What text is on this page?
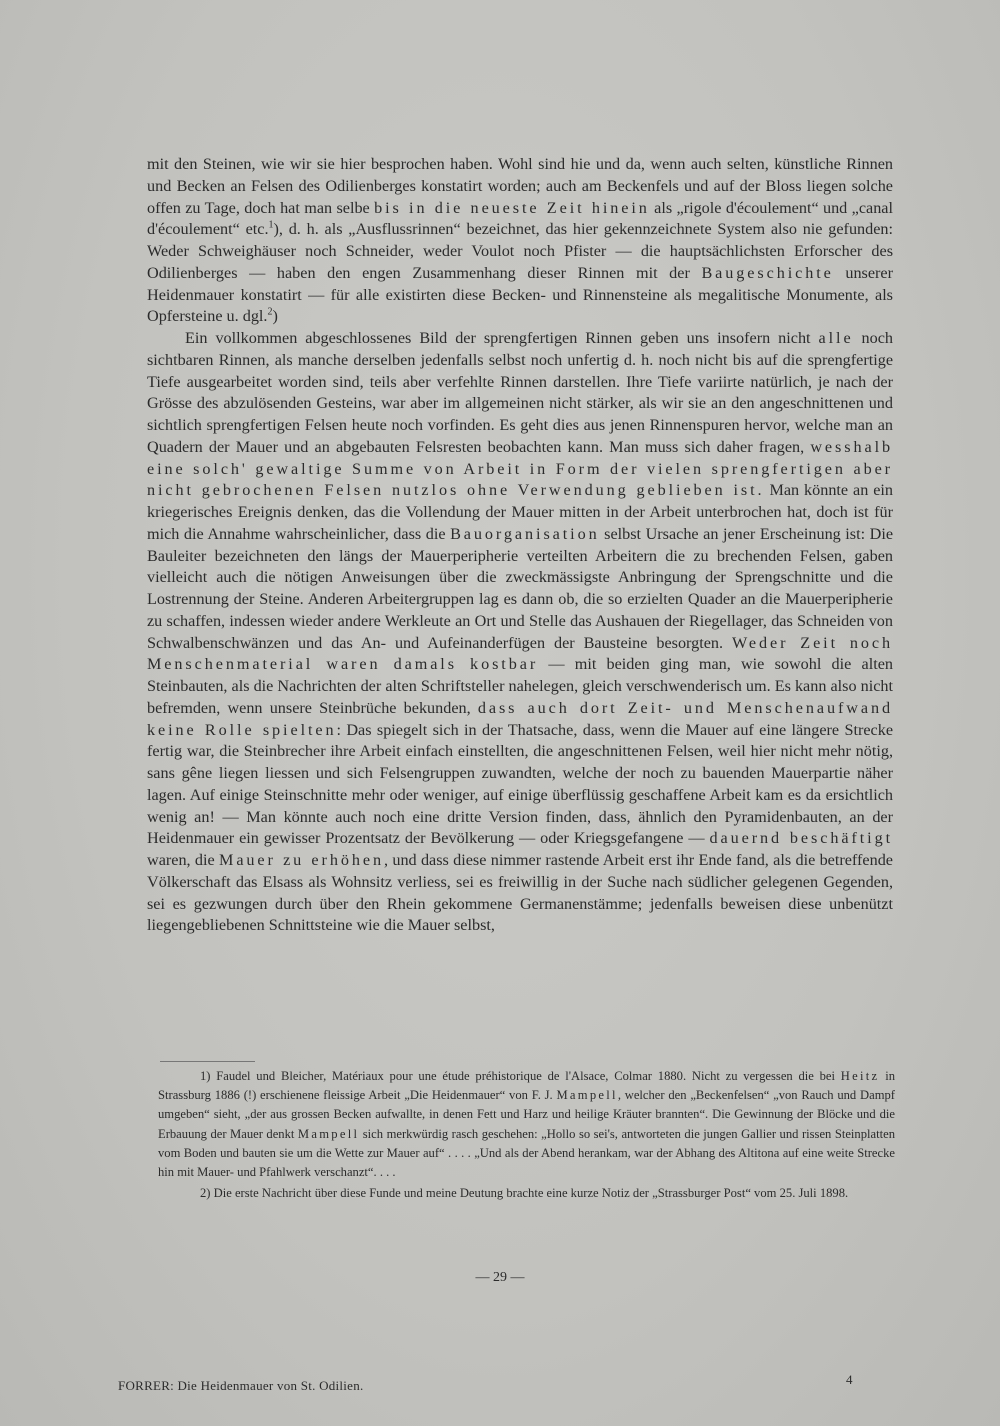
mit den Steinen, wie wir sie hier besprochen haben. Wohl sind hie und da, wenn auch selten, künstliche Rinnen und Becken an Felsen des Odilienberges konstatirt worden; auch am Beckenfels und auf der Bloss liegen solche offen zu Tage, doch hat man selbe bis in die neueste Zeit hinein als „rigole d'écoulement“ und „canal d'écoulement“ etc.$^1$), d. h. als „Ausflussrinnen“ bezeichnet, das hier gekennzeichnete System also nie gefunden: Weder Schweighäuser noch Schneider, weder Voulot noch Pfister — die hauptsächlichsten Erforscher des Odilienberges — haben den engen Zusammenhang dieser Rinnen mit der Baugeschichte unserer Heidenmauer konstatirt — für alle existirten diese Becken- und Rinnensteine als megalitische Monumente, als Opfersteine u. dgl.$^2$)

Ein vollkommen abgeschlossenes Bild der sprengfertigen Rinnen geben uns insofern nicht alle noch sichtbaren Rinnen, als manche derselben jedenfalls selbst noch unfertig d. h. noch nicht bis auf die sprengfertige Tiefe ausgearbeitet worden sind, teils aber verfehlte Rinnen darstellen. Ihre Tiefe variirte natürlich, je nach der Grösse des abzulösenden Gesteins, war aber im allgemeinen nicht stärker, als wir sie an den angeschnittenen und sichtlich sprengfertigen Felsen heute noch vorfinden. Es geht dies aus jenen Rinnenspuren hervor, welche man an Quadern der Mauer und an abgebauten Felsresten beobachten kann. Man muss sich daher fragen, wesshalb eine solch' gewaltige Summe von Arbeit in Form der vielen sprengfertigen aber nicht gebrochenen Felsen nutzlos ohne Verwendung geblieben ist. Man könnte an ein kriegerisches Ereignis denken, das die Vollendung der Mauer mitten in der Arbeit unterbrochen hat, doch ist für mich die Annahme wahrscheinlicher, dass die Bauorganisation selbst Ursache an jener Erscheinung ist: Die Bauleiter bezeichneten den längs der Mauerperipherie verteilten Arbeitern die zu brechenden Felsen, gaben vielleicht auch die nötigen Anweisungen über die zweckmässigste Anbringung der Sprengschnitte und die Lostrennung der Steine. Anderen Arbeitergruppen lag es dann ob, die so erzielten Quader an die Mauerperipherie zu schaffen, indessen wieder andere Werkleute an Ort und Stelle das Aushauen der Riegellager, das Schneiden von Schwalbenschwänzen und das An- und Aufeinanderfügen der Bausteine besorgten. Weder Zeit noch Menschenmaterial waren damals kostbar — mit beiden ging man, wie sowohl die alten Steinbauten, als die Nachrichten der alten Schriftsteller nahelegen, gleich verschwenderisch um. Es kann also nicht befremden, wenn unsere Steinbrüche bekunden, dass auch dort Zeit- und Menschenaufwand keine Rolle spielten: Das spiegelt sich in der Thatsache, dass, wenn die Mauer auf eine längere Strecke fertig war, die Steinbrecher ihre Arbeit einfach einstellten, die angeschnittenen Felsen, weil hier nicht mehr nötig, sans gêne liegen liessen und sich Felsengruppen zuwandten, welche der noch zu bauenden Mauerpartie näher lagen. Auf einige Steinschnitte mehr oder weniger, auf einige überflüssig geschaffene Arbeit kam es da ersichtlich wenig an! — Man könnte auch noch eine dritte Version finden, dass, ähnlich den Pyramidenbauten, an der Heidenmauer ein gewisser Prozentsatz der Bevölkerung — oder Kriegsgefangene — dauernd beschäftigt waren, die Mauer zu erhöhen, und dass diese nimmer rastende Arbeit erst ihr Ende fand, als die betreffende Völkerschaft das Elsass als Wohnsitz verliess, sei es freiwillig in der Suche nach südlicher gelegenen Gegenden, sei es gezwungen durch über den Rhein gekommene Germanenstämme; jedenfalls beweisen diese unbenützt liegengebliebenen Schnittsteine wie die Mauer selbst,

1) Faudel und Bleicher, Matériaux pour une étude préhistorique de l'Alsace, Colmar 1880. Nicht zu vergessen die bei Heitz in Strassburg 1886 (!) erschienene fleissige Arbeit „Die Heidenmauer“ von F. J. Mampell, welcher den „Beckenfelsen“ „von Rauch und Dampf umgeben“ sieht, „der aus grossen Becken aufwallte, in denen Fett und Harz und heilige Kräuter brannten“. Die Gewinnung der Blöcke und die Erbauung der Mauer denkt Mampell sich merkwürdig rasch geschehen: „Hollo so sei's, antworteten die jungen Gallier und rissen Steinplatten vom Boden und bauten sie um die Wette zur Mauer auf“ . . . . „Und als der Abend herankam, war der Abhang des Altitona auf eine weite Strecke hin mit Mauer- und Pfahlwerk verschanzt“. . . .

2) Die erste Nachricht über diese Funde und meine Deutung brachte eine kurze Notiz der „Strassburger Post“ vom 25. Juli 1898.

— 29 —
FORRER: Die Heidenmauer von St. Odilien.	4
